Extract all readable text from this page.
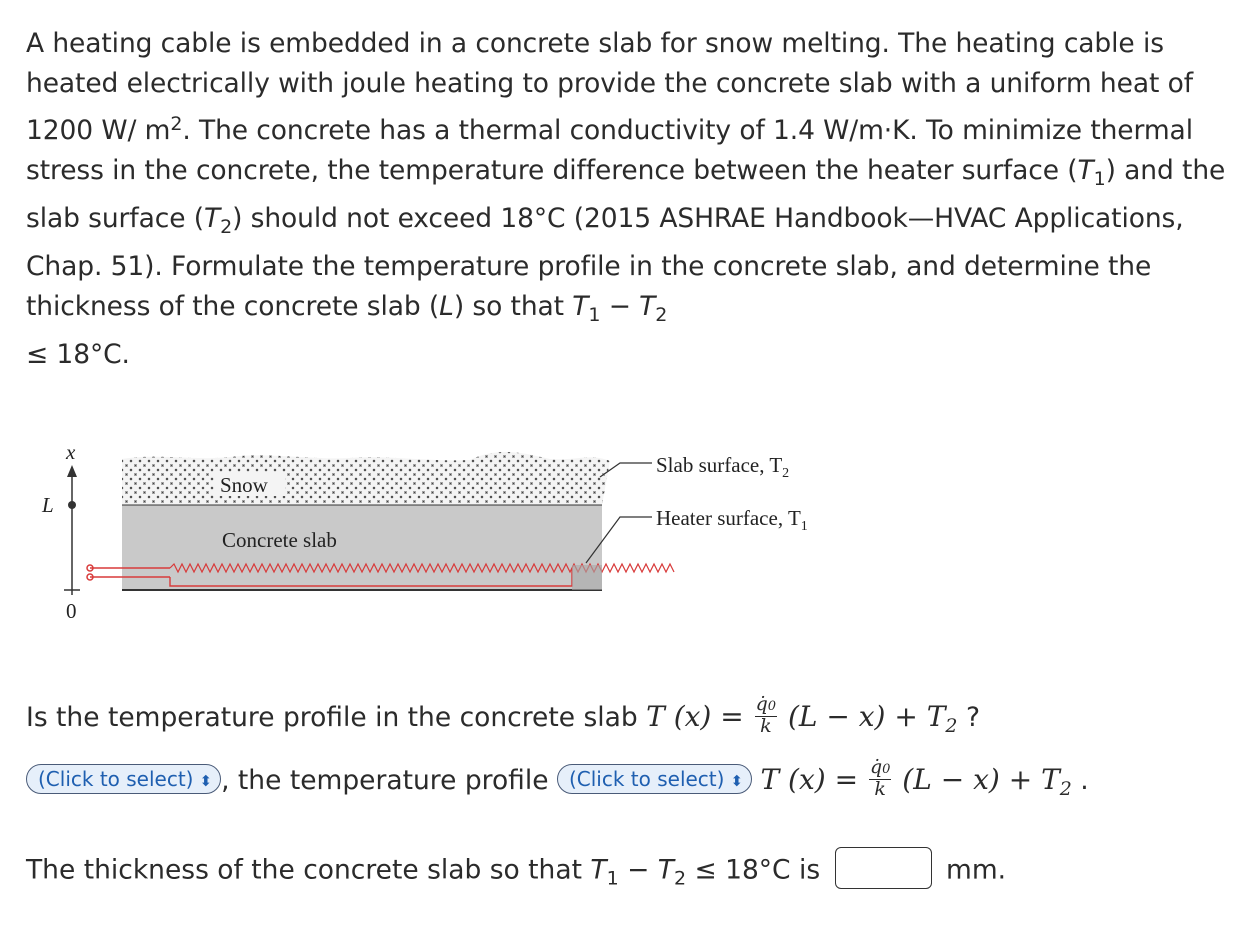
A heating cable is embedded in a concrete slab for snow melting. The heating cable is heated electrically with joule heating to provide the concrete slab with a uniform heat of 1200 W/ $m^2$. The concrete has a thermal conductivity of 1.4 W/m·K. To minimize thermal stress in the concrete, the temperature difference between the heater surface $(T_1)$ and the slab surface $(T_2)$ should not exceed 18°C (2015 ASHRAE Handbook—HVAC Applications, Chap. 51). Formulate the temperature profile in the concrete slab, and determine the thickness of the concrete slab (L) so that $T_1 - T_2$
≤ 18°C.
x
L
0
Snow
Concrete slab
Slab surface, $T_2$
Heater surface, $T_1$
Is the temperature profile in the concrete slab T $(x) = \frac{q̇0}{k} (L - x) + T_2$ ?
(Click to select) ⬍ , the temperature profile (Click to select) ⬍ T $(x) = \frac{q̇0}{k} (L - x) + T_2$ .
The thickness of the concrete slab so that $T_1 - T_2 \le 18^\circ C$ is	mm.
